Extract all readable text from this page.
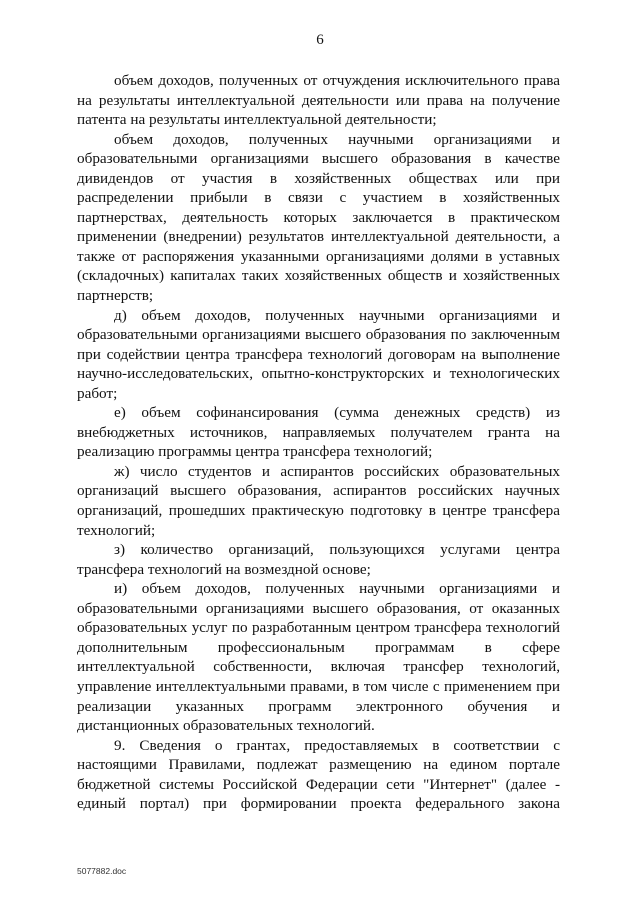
6

объем доходов, полученных от отчуждения исключительного права на результаты интеллектуальной деятельности или права на получение патента на результаты интеллектуальной деятельности;

объем доходов, полученных научными организациями и образовательными организациями высшего образования в качестве дивидендов от участия в хозяйственных обществах или при распределении прибыли в связи с участием в хозяйственных партнерствах, деятельность которых заключается в практическом применении (внедрении) результатов интеллектуальной деятельности, а также от распоряжения указанными организациями долями в уставных (складочных) капиталах таких хозяйственных обществ и хозяйственных партнерств;

д) объем доходов, полученных научными организациями и образовательными организациями высшего образования по заключенным при содействии центра трансфера технологий договорам на выполнение научно-исследовательских, опытно-конструкторских и технологических работ;

е) объем софинансирования (сумма денежных средств) из внебюджетных источников, направляемых получателем гранта на реализацию программы центра трансфера технологий;

ж) число студентов и аспирантов российских образовательных организаций высшего образования, аспирантов российских научных организаций, прошедших практическую подготовку в центре трансфера технологий;

з) количество организаций, пользующихся услугами центра трансфера технологий на возмездной основе;

и) объем доходов, полученных научными организациями и образовательными организациями высшего образования, от оказанных образовательных услуг по разработанным центром трансфера технологий дополнительным профессиональным программам в сфере интеллектуальной собственности, включая трансфер технологий, управление интеллектуальными правами, в том числе с применением при реализации указанных программ электронного обучения и дистанционных образовательных технологий.

9. Сведения о грантах, предоставляемых в соответствии с настоящими Правилами, подлежат размещению на едином портале бюджетной системы Российской Федерации сети "Интернет" (далее - единый портал) при формировании проекта федерального закона

5077882.doc
